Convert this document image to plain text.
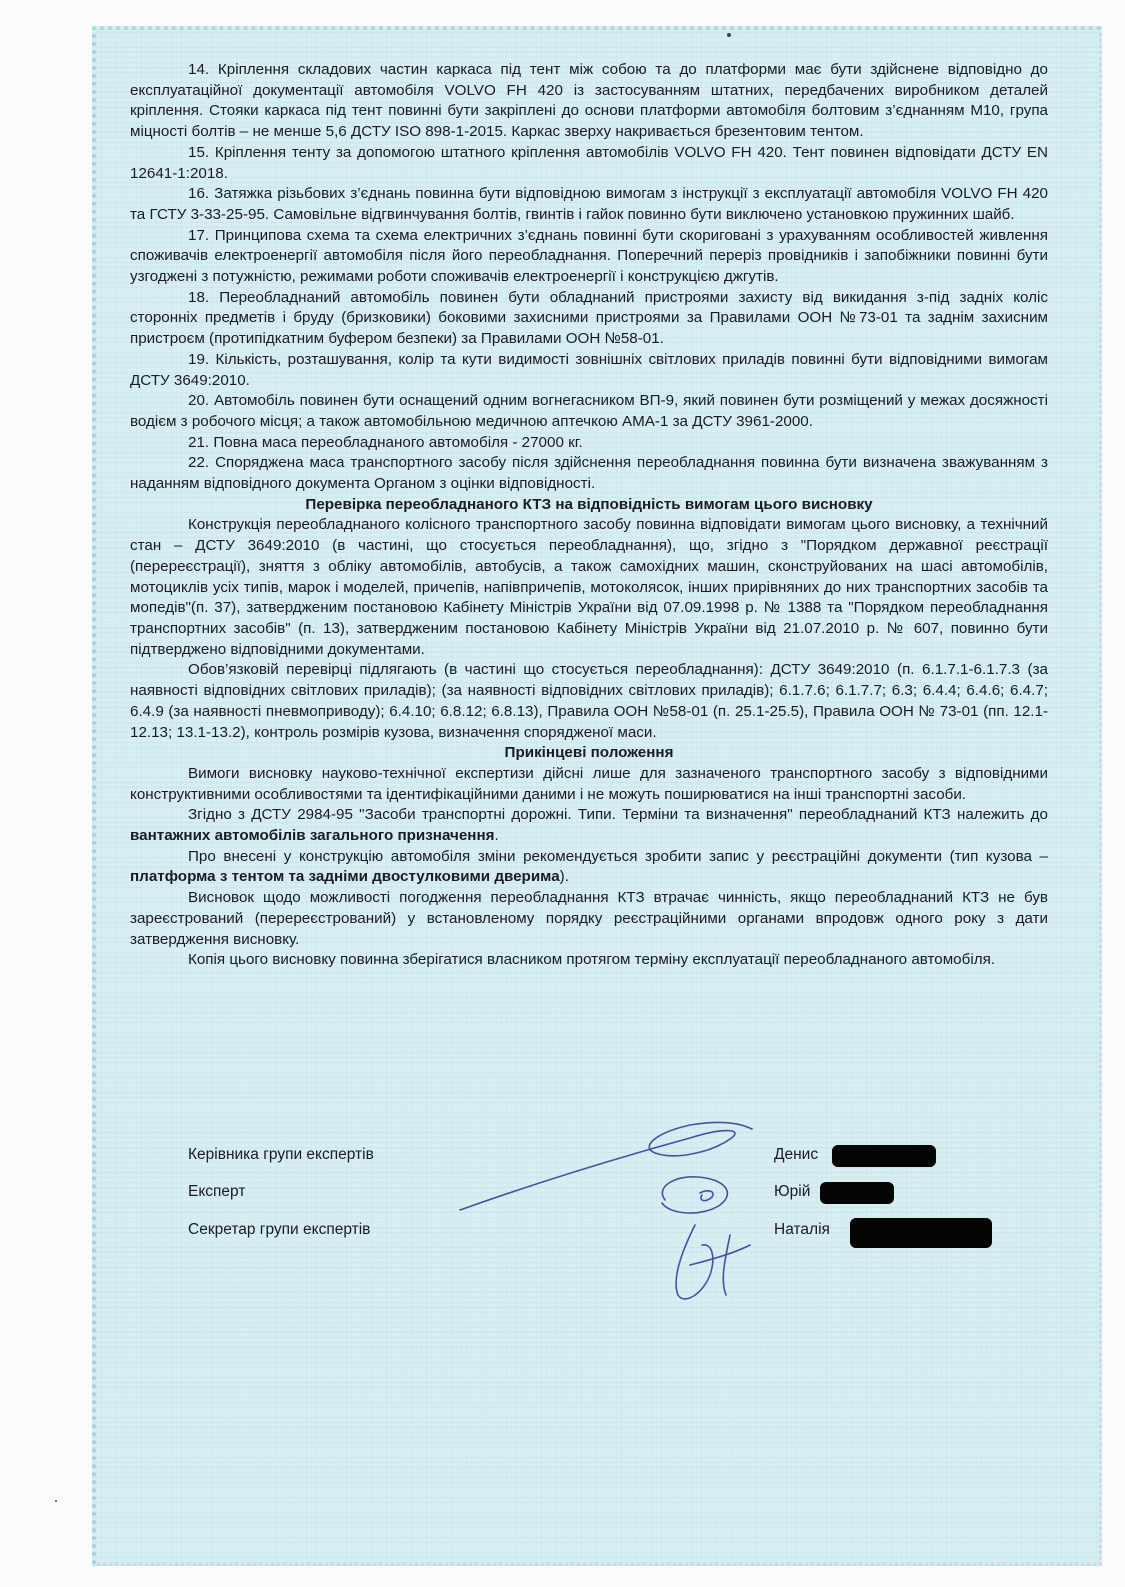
14. Кріплення складових частин каркаса під тент між собою та до платформи має бути здійснене відповідно до експлуатаційної документації автомобіля VOLVO FH 420 із застосуванням штатних, передбачених виробником деталей кріплення. Стояки каркаса під тент повинні бути закріплені до основи платформи автомобіля болтовим з’єднанням М10, група міцності болтів – не менше 5,6 ДСТУ ISO 898-1-2015. Каркас зверху накривається брезентовим тентом.

15. Кріплення тенту за допомогою штатного кріплення автомобілів VOLVO FH 420. Тент повинен відповідати ДСТУ EN 12641-1:2018.

16. Затяжка різьбових з’єднань повинна бути відповідною вимогам з інструкції з експлуатації автомобіля VOLVO FH 420 та ГСТУ 3-33-25-95. Самовільне відгвинчування болтів, гвинтів і гайок повинно бути виключено установкою пружинних шайб.

17. Принципова схема та схема електричних з’єднань повинні бути скориговані з урахуванням особливостей живлення споживачів електроенергії автомобіля після його переобладнання. Поперечний переріз провідників і запобіжники повинні бути узгоджені з потужністю, режимами роботи споживачів електроенергії і конструкцією джгутів.

18. Переобладнаний автомобіль повинен бути обладнаний пристроями захисту від викидання з-під задніх коліс сторонніх предметів і бруду (бризковики) боковими захисними пристроями за Правилами ООН №73-01 та заднім захисним пристроєм (протипідкатним буфером безпеки) за Правилами ООН №58-01.

19. Кількість, розташування, колір та кути видимості зовнішніх світлових приладів повинні бути відповідними вимогам ДСТУ 3649:2010.

20. Автомобіль повинен бути оснащений одним вогнегасником ВП-9, який повинен бути розміщений у межах досяжності водієм з робочого місця; а також автомобільною медичною аптечкою АМА-1 за ДСТУ 3961-2000.

21. Повна маса переобладнаного автомобіля - 27000 кг.

22. Споряджена маса транспортного засобу після здійснення переобладнання повинна бути визначена зважуванням з наданням відповідного документа Органом з оцінки відповідності.

Перевірка переобладнаного КТЗ на відповідність вимогам цього висновку

Конструкція переобладнаного колісного транспортного засобу повинна відповідати вимогам цього висновку, а технічний стан – ДСТУ 3649:2010 (в частині, що стосується переобладнання), що, згідно з "Порядком державної реєстрації (перереєстрації), зняття з обліку автомобілів, автобусів, а також самохідних машин, сконструйованих на шасі автомобілів, мотоциклів усіх типів, марок і моделей, причепів, напівпричепів, мотоколясок, інших прирівняних до них транспортних засобів та мопедів"(п. 37), затвердженим постановою Кабінету Міністрів України від 07.09.1998 р. № 1388 та "Порядком переобладнання транспортних засобів" (п. 13), затвердженим постановою Кабінету Міністрів України від 21.07.2010 р. № 607, повинно бути підтверджено відповідними документами.

Обов’язковій перевірці підлягають (в частині що стосується переобладнання): ДСТУ 3649:2010 (п. 6.1.7.1-6.1.7.3 (за наявності відповідних світлових приладів); (за наявності відповідних світлових приладів); 6.1.7.6; 6.1.7.7; 6.3; 6.4.4; 6.4.6; 6.4.7; 6.4.9 (за наявності пневмоприводу); 6.4.10; 6.8.12; 6.8.13), Правила ООН №58-01 (п. 25.1-25.5), Правила ООН № 73-01 (пп. 12.1-12.13; 13.1-13.2), контроль розмірів кузова, визначення спорядженої маси.

Прикінцеві положення

Вимоги висновку науково-технічної експертизи дійсні лише для зазначеного транспортного засобу з відповідними конструктивними особливостями та ідентифікаційними даними і не можуть поширюватися на інші транспортні засоби.

Згідно з ДСТУ 2984-95 "Засоби транспортні дорожні. Типи. Терміни та визначення" переобладнаний КТЗ належить до вантажних автомобілів загального призначення.

Про внесені у конструкцію автомобіля зміни рекомендується зробити запис у реєстраційні документи (тип кузова – платформа з тентом та задніми двостулковими дверима).

Висновок щодо можливості погодження переобладнання КТЗ втрачає чинність, якщо переобладнаний КТЗ не був зареєстрований (перереєстрований) у встановленому порядку реєстраційними органами впродовж одного року з дати затвердження висновку.

Копія цього висновку повинна зберігатися власником протягом терміну експлуатації переобладнаного автомобіля.

Керівника групи експертів	Денис
Експерт	Юрій
Секретар групи експертів	Наталія
